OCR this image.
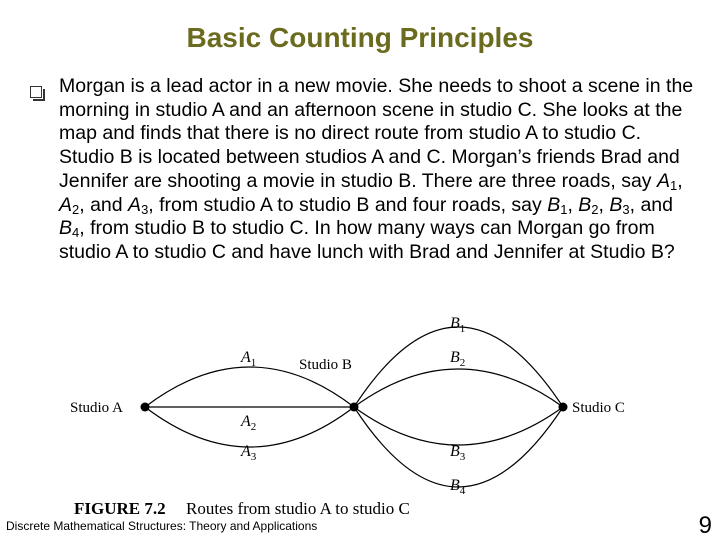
Basic Counting Principles
Morgan is a lead actor in a new movie. She needs to shoot a scene in the morning in studio A and an afternoon scene in studio C. She looks at the map and finds that there is no direct route from studio A to studio C. Studio B is located between studios A and C. Morgan’s friends Brad and Jennifer are shooting a movie in studio B. There are three roads, say $A_1$, $A_2$, and $A_3$, from studio A to studio B and four roads, say $B_1$, $B_2$, $B_3$, and $B_4$, from studio B to studio C. In how many ways can Morgan go from studio A to studio C and have lunch with Brad and Jennifer at Studio B?
Studio A
Studio B
Studio C
$A_1$
$A_2$
$A_3$
$B_1$
$B_2$
$B_3$
$B_4$
FIGURE 7.2 Routes from studio A to studio C
Discrete Mathematical Structures: Theory and Applications	9
